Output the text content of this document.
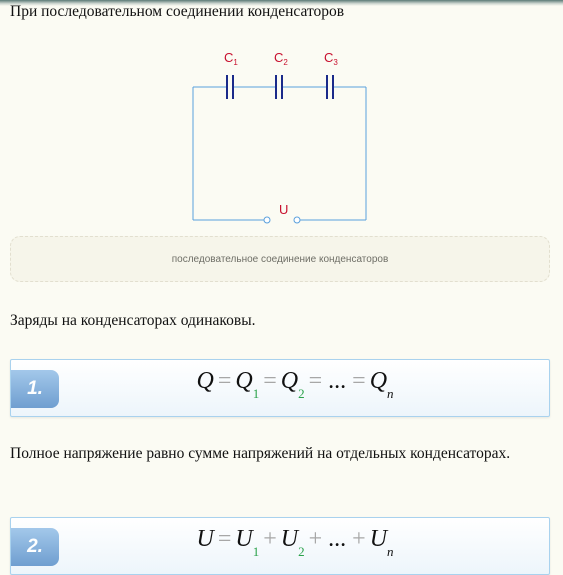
При последовательном соединении конденсаторов
$C_1$	$C_2$	$C_3$
U
последовательное соединение конденсаторов

Заряды на конденсаторах одинаковы.

1.	$Q = Q_1 = Q_2$ = ... = $Q_n$

Полное напряжение равно сумме напряжений на отдельных конденсаторах.

2.	$U = U_1 + U_2$ + ... + $U_n$
